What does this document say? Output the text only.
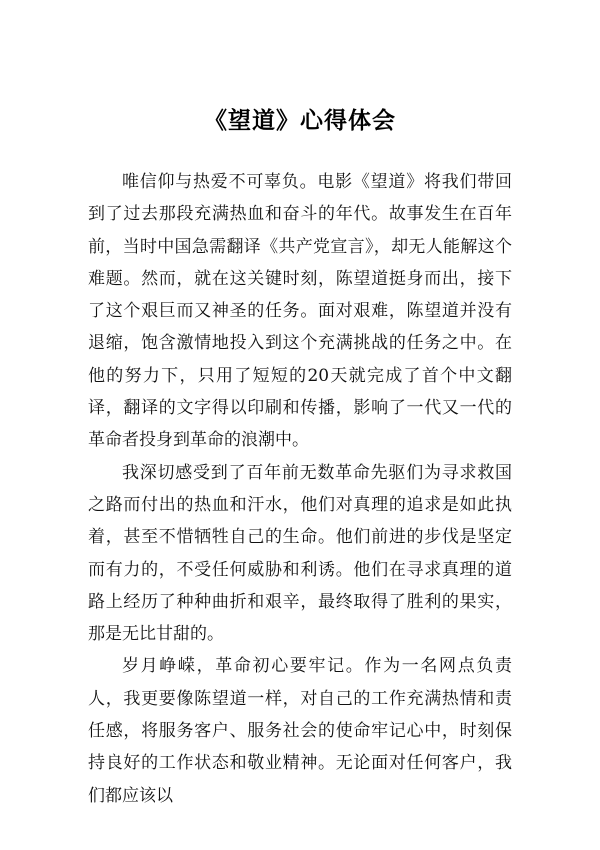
《望道》心得体会

唯信仰与热爱不可辜负。电影《望道》将我们带回到了过去那段充满热血和奋斗的年代。故事发生在百年前，当时中国急需翻译《共产党宣言》，却无人能解这个难题。然而，就在这关键时刻，陈望道挺身而出，接下了这个艰巨而又神圣的任务。面对艰难，陈望道并没有退缩，饱含激情地投入到这个充满挑战的任务之中。在他的努力下，只用了短短的20天就完成了首个中文翻译，翻译的文字得以印刷和传播，影响了一代又一代的革命者投身到革命的浪潮中。

我深切感受到了百年前无数革命先驱们为寻求救国之路而付出的热血和汗水，他们对真理的追求是如此执着，甚至不惜牺牲自己的生命。他们前进的步伐是坚定而有力的，不受任何威胁和利诱。他们在寻求真理的道路上经历了种种曲折和艰辛，最终取得了胜利的果实，那是无比甘甜的。

岁月峥嵘，革命初心要牢记。作为一名网点负责人，我更要像陈望道一样，对自己的工作充满热情和责任感，将服务客户、服务社会的使命牢记心中，时刻保持良好的工作状态和敬业精神。无论面对任何客户，我们都应该以
